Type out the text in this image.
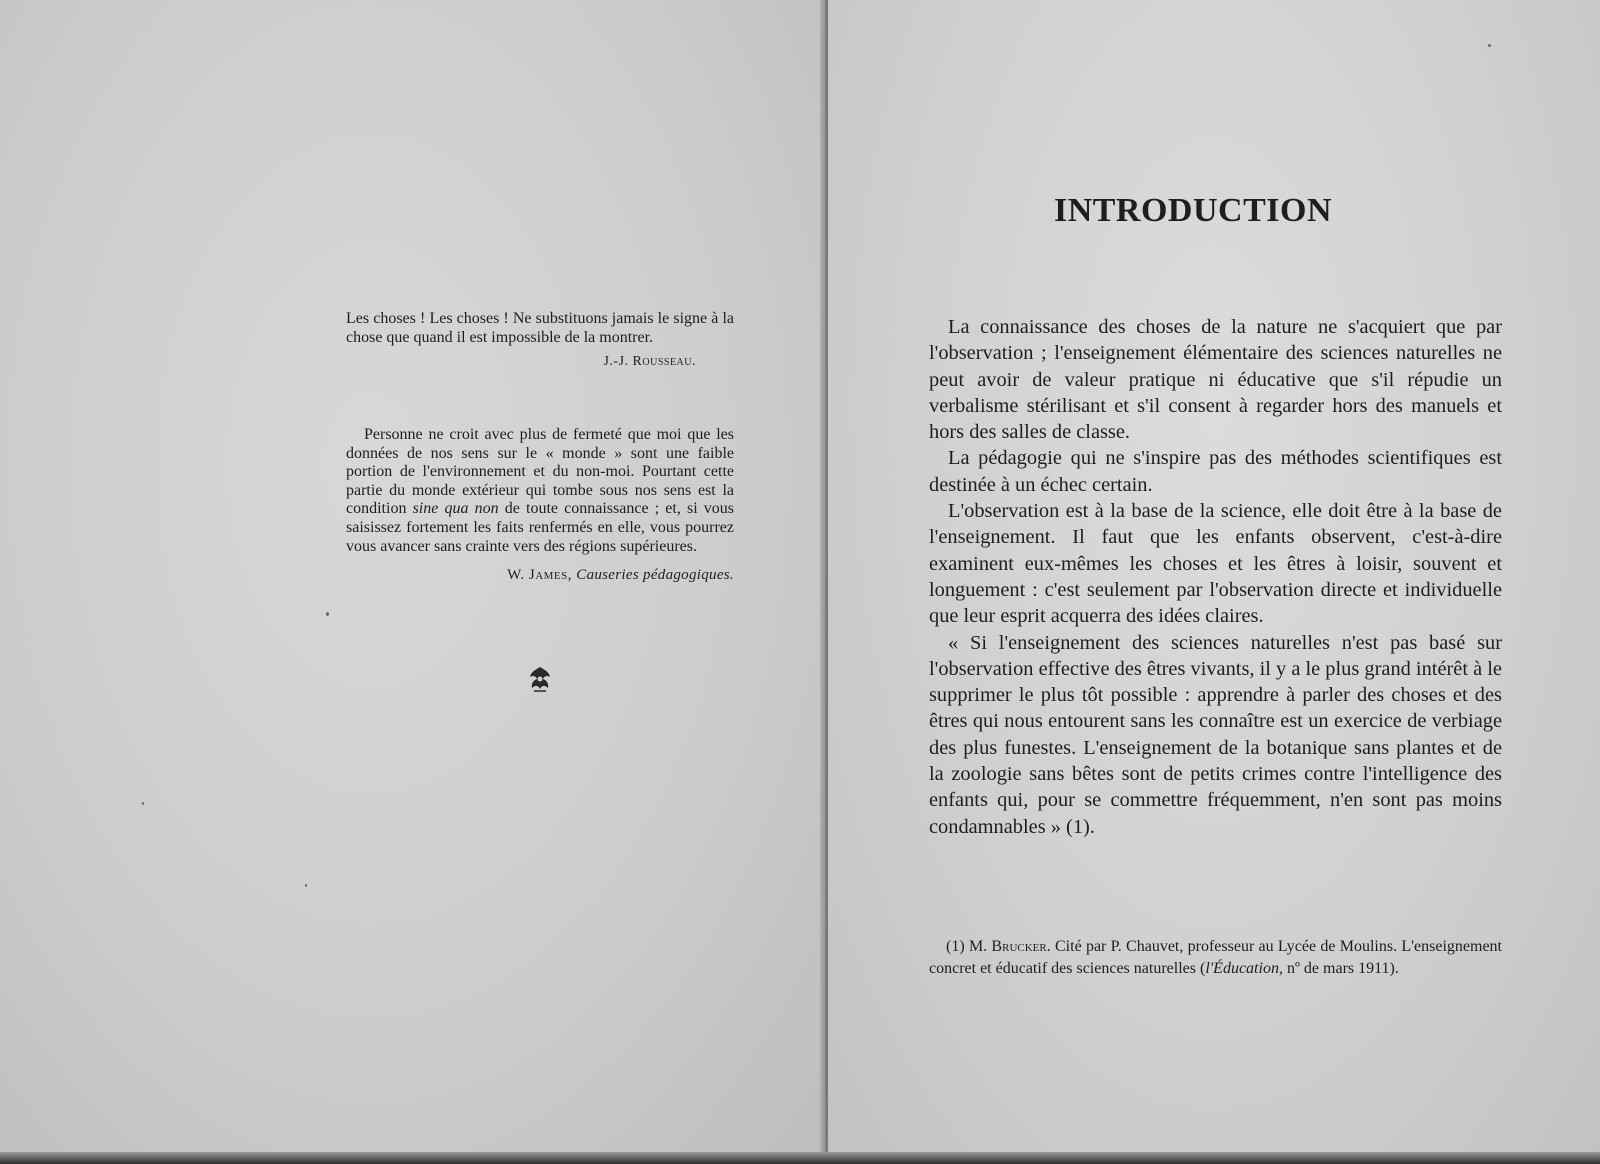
Les choses ! Les choses ! Ne substituons jamais le signe à la chose que quand il est impossible de la montrer.

J.-J. Rousseau.

Personne ne croit avec plus de fermeté que moi que les données de nos sens sur le « monde » sont une faible portion de l'environnement et du non-moi. Pourtant cette partie du monde extérieur qui tombe sous nos sens est la condition sine qua non de toute connaissance ; et, si vous saisissez fortement les faits renfermés en elle, vous pourrez vous avancer sans crainte vers des régions supérieures.

W. James, Causeries pédagogiques.

INTRODUCTION

La connaissance des choses de la nature ne s'acquiert que par l'observation ; l'enseignement élémentaire des sciences naturelles ne peut avoir de valeur pratique ni éducative que s'il répudie un verbalisme stérilisant et s'il consent à regarder hors des manuels et hors des salles de classe.

La pédagogie qui ne s'inspire pas des méthodes scientifiques est destinée à un échec certain.

L'observation est à la base de la science, elle doit être à la base de l'enseignement. Il faut que les enfants observent, c'est-à-dire examinent eux-mêmes les choses et les êtres à loisir, souvent et longuement : c'est seulement par l'observation directe et individuelle que leur esprit acquerra des idées claires.

« Si l'enseignement des sciences naturelles n'est pas basé sur l'observation effective des êtres vivants, il y a le plus grand intérêt à le supprimer le plus tôt possible : apprendre à parler des choses et des êtres qui nous entourent sans les connaître est un exercice de verbiage des plus funestes. L'enseignement de la botanique sans plantes et de la zoologie sans bêtes sont de petits crimes contre l'intelligence des enfants qui, pour se commettre fréquemment, n'en sont pas moins condamnables » (1).

(1) M. Brucker. Cité par P. Chauvet, professeur au Lycée de Moulins. L'enseignement concret et éducatif des sciences naturelles (l'Éducation, nº de mars 1911).
